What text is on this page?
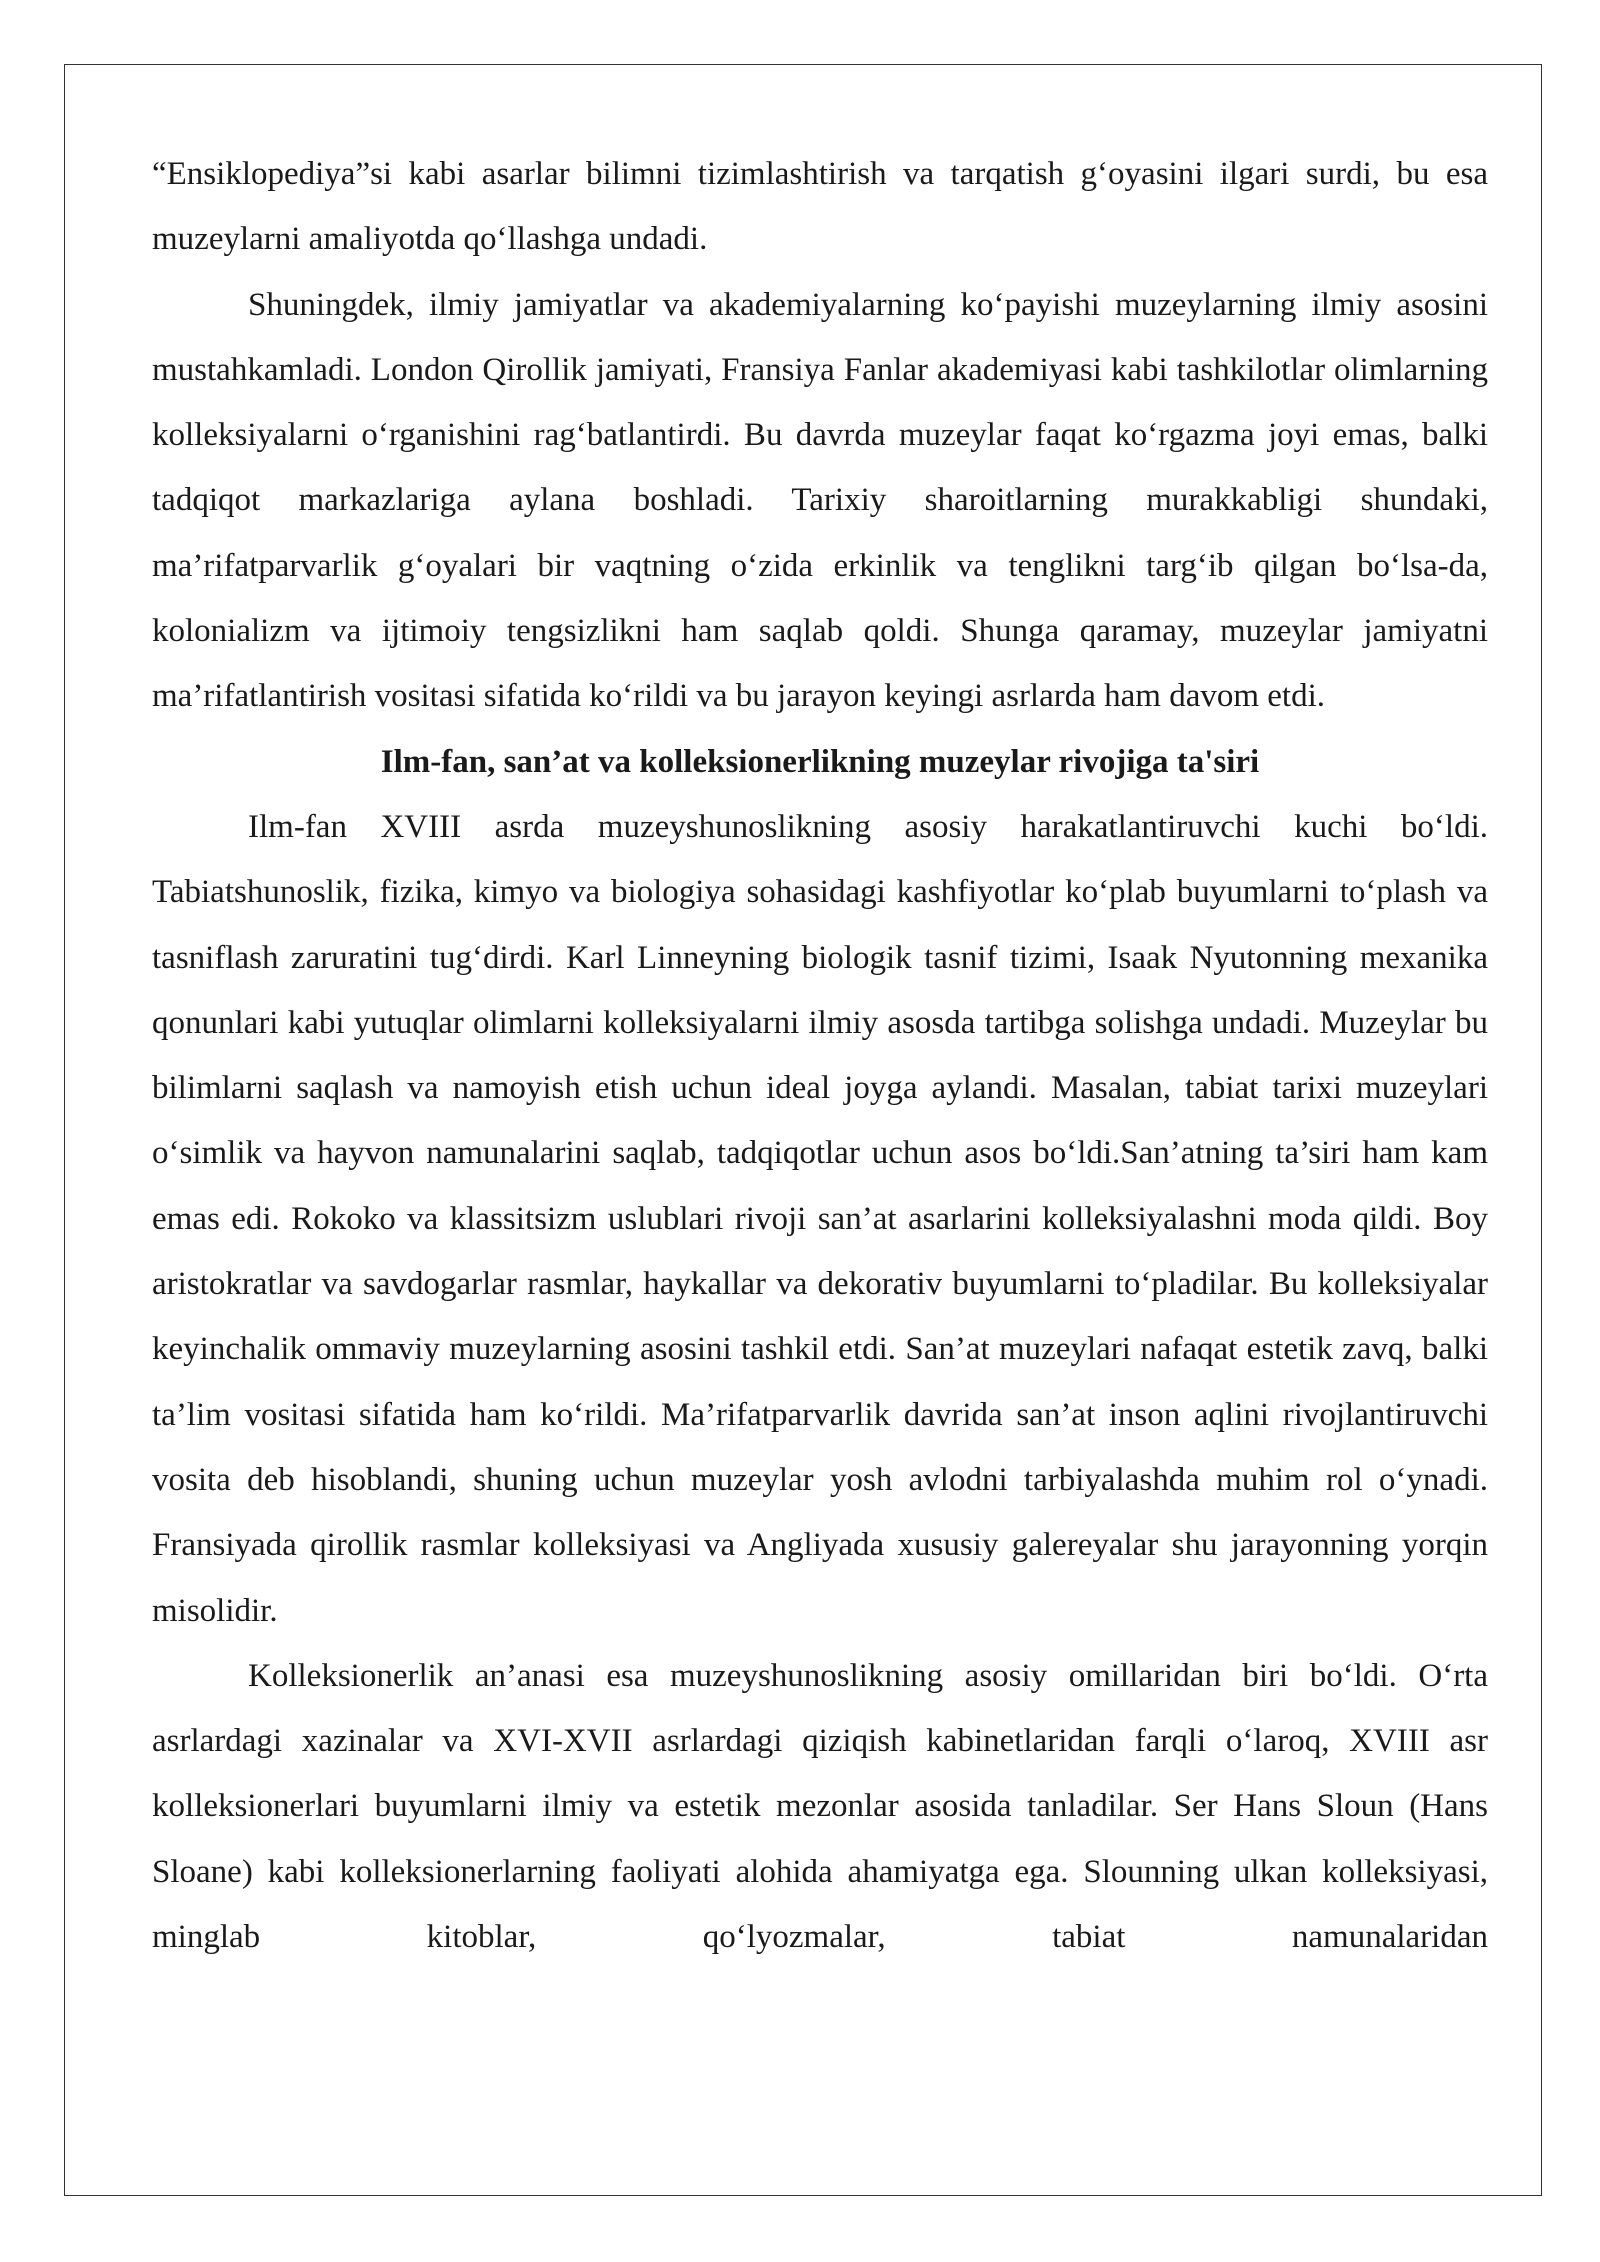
“Ensiklopediya”si kabi asarlar bilimni tizimlashtirish va tarqatish g‘oyasini ilgari surdi, bu esa muzeylarni amaliyotda qo‘llashga undadi.

Shuningdek, ilmiy jamiyatlar va akademiyalarning ko‘payishi muzeylarning ilmiy asosini mustahkamladi. London Qirollik jamiyati, Fransiya Fanlar akademiyasi kabi tashkilotlar olimlarning kolleksiyalarni o‘rganishini rag‘batlantirdi. Bu davrda muzeylar faqat ko‘rgazma joyi emas, balki tadqiqot markazlariga aylana boshladi. Tarixiy sharoitlarning murakkabligi shundaki, ma’rifatparvarlik g‘oyalari bir vaqtning o‘zida erkinlik va tenglikni targ‘ib qilgan bo‘lsa-da, kolonializm va ijtimoiy tengsizlikni ham saqlab qoldi. Shunga qaramay, muzeylar jamiyatni ma’rifatlantirish vositasi sifatida ko‘rildi va bu jarayon keyingi asrlarda ham davom etdi.

Ilm-fan, san’at va kolleksionerlikning muzeylar rivojiga ta'siri

Ilm-fan XVIII asrda muzeyshunoslikning asosiy harakatlantiruvchi kuchi bo‘ldi. Tabiatshunoslik, fizika, kimyo va biologiya sohasidagi kashfiyotlar ko‘plab buyumlarni to‘plash va tasniflash zaruratini tug‘dirdi. Karl Linneyning biologik tasnif tizimi, Isaak Nyutonning mexanika qonunlari kabi yutuqlar olimlarni kolleksiyalarni ilmiy asosda tartibga solishga undadi. Muzeylar bu bilimlarni saqlash va namoyish etish uchun ideal joyga aylandi. Masalan, tabiat tarixi muzeylari o‘simlik va hayvon namunalarini saqlab, tadqiqotlar uchun asos bo‘ldi.San’atning ta’siri ham kam emas edi. Rokoko va klassitsizm uslublari rivoji san’at asarlarini kolleksiyalashni moda qildi. Boy aristokratlar va savdogarlar rasmlar, haykallar va dekorativ buyumlarni to‘pladilar. Bu kolleksiyalar keyinchalik ommaviy muzeylarning asosini tashkil etdi. San’at muzeylari nafaqat estetik zavq, balki ta’lim vositasi sifatida ham ko‘rildi. Ma’rifatparvarlik davrida san’at inson aqlini rivojlantiruvchi vosita deb hisoblandi, shuning uchun muzeylar yosh avlodni tarbiyalashda muhim rol o‘ynadi. Fransiyada qirollik rasmlar kolleksiyasi va Angliyada xususiy galereyalar shu jarayonning yorqin misolidir.

Kolleksionerlik an’anasi esa muzeyshunoslikning asosiy omillaridan biri bo‘ldi. O‘rta asrlardagi xazinalar va XVI-XVII asrlardagi qiziqish kabinetlaridan farqli o‘laroq, XVIII asr kolleksionerlari buyumlarni ilmiy va estetik mezonlar asosida tanladilar. Ser Hans Sloun (Hans Sloane) kabi kolleksionerlarning faoliyati alohida ahamiyatga ega. Slounning ulkan kolleksiyasi, minglab kitoblar, qo‘lyozmalar, tabiat namunalaridan
